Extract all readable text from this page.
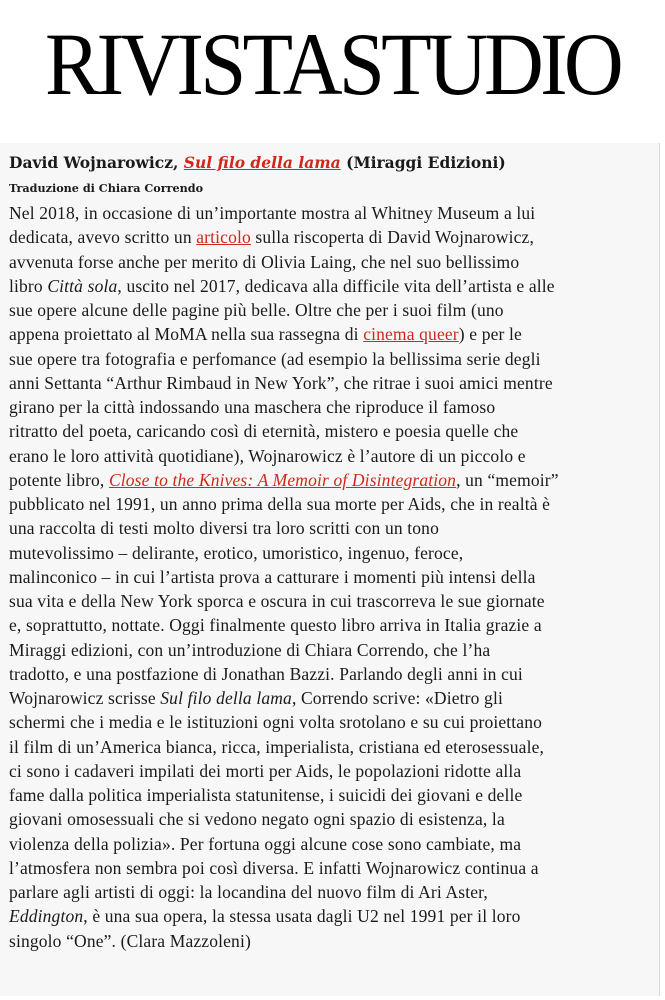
RIVISTASTUDIO
David Wojnarowicz, Sul filo della lama (Miraggi Edizioni)
Traduzione di Chiara Correndo
Nel 2018, in occasione di un’importante mostra al Whitney Museum a lui
dedicata, avevo scritto un articolo sulla riscoperta di David Wojnarowicz,
avvenuta forse anche per merito di Olivia Laing, che nel suo bellissimo
libro Città sola, uscito nel 2017, dedicava alla difficile vita dell’artista e alle
sue opere alcune delle pagine più belle. Oltre che per i suoi film (uno
appena proiettato al MoMA nella sua rassegna di cinema queer) e per le
sue opere tra fotografia e perfomance (ad esempio la bellissima serie degli
anni Settanta “Arthur Rimbaud in New York”, che ritrae i suoi amici mentre
girano per la città indossando una maschera che riproduce il famoso
ritratto del poeta, caricando così di eternità, mistero e poesia quelle che
erano le loro attività quotidiane), Wojnarowicz è l’autore di un piccolo e
potente libro, Close to the Knives: A Memoir of Disintegration, un “memoir”
pubblicato nel 1991, un anno prima della sua morte per Aids, che in realtà è
una raccolta di testi molto diversi tra loro scritti con un tono
mutevolissimo – delirante, erotico, umoristico, ingenuo, feroce,
malinconico – in cui l’artista prova a catturare i momenti più intensi della
sua vita e della New York sporca e oscura in cui trascorreva le sue giornate
e, soprattutto, nottate. Oggi finalmente questo libro arriva in Italia grazie a
Miraggi edizioni, con un’introduzione di Chiara Correndo, che l’ha
tradotto, e una postfazione di Jonathan Bazzi. Parlando degli anni in cui
Wojnarowicz scrisse Sul filo della lama, Correndo scrive: «Dietro gli
schermi che i media e le istituzioni ogni volta srotolano e su cui proiettano
il film di un’America bianca, ricca, imperialista, cristiana ed eterosessuale,
ci sono i cadaveri impilati dei morti per Aids, le popolazioni ridotte alla
fame dalla politica imperialista statunitense, i suicidi dei giovani e delle
giovani omosessuali che si vedono negato ogni spazio di esistenza, la
violenza della polizia». Per fortuna oggi alcune cose sono cambiate, ma
l’atmosfera non sembra poi così diversa. E infatti Wojnarowicz continua a
parlare agli artisti di oggi: la locandina del nuovo film di Ari Aster,
Eddington, è una sua opera, la stessa usata dagli U2 nel 1991 per il loro
singolo “One”. (Clara Mazzoleni)
